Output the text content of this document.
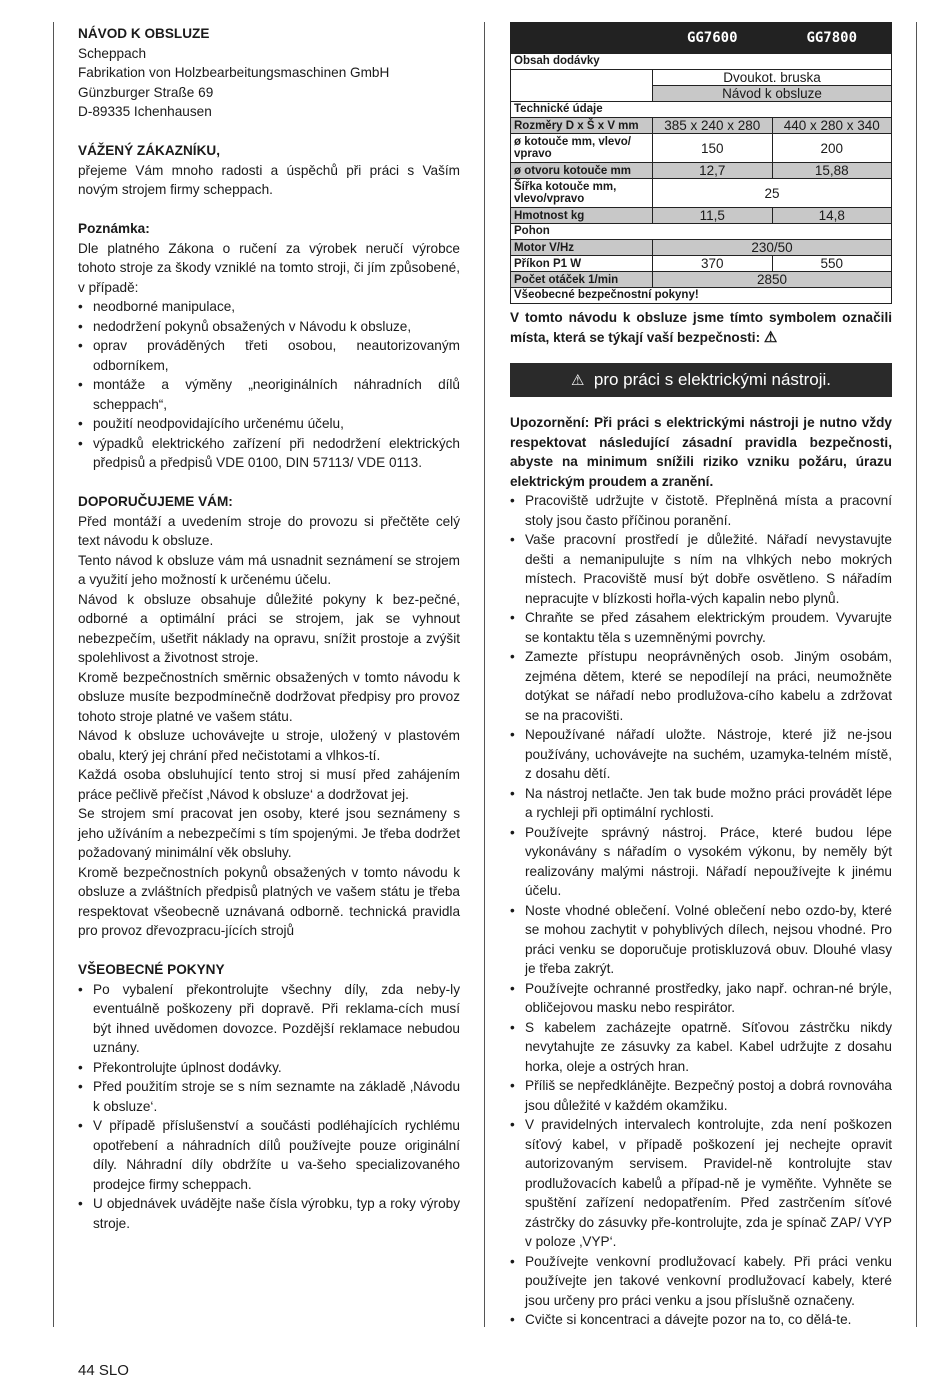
NÁVOD K OBSLUZE
Scheppach
Fabrikation von Holzbearbeitungsmaschinen GmbH
Günzburger Straße 69
D-89335 Ichenhausen
VÁŽENÝ ZÁKAZNÍKU,

přejeme Vám mnoho radosti a úspěchů při práci s Vaším novým strojem firmy scheppach.

Poznámka:

Dle platného Zákona o ručení za výrobek neručí výrobce tohoto stroje za škody vzniklé na tomto stroji, či jím způsobené, v případě:

• neodborné manipulace,
• nedodržení pokynů obsažených v Návodu k obsluze,
• oprav prováděných třeti osobou, neautorizovaným odborníkem,
• montáže a výměny „neoriginálních náhradních dílů scheppach“,
• použití neodpovidajícího určenému účelu,
• výpadků elektrického zařízení při nedodržení elektrických předpisů a předpisů VDE 0100, DIN 57113/ VDE 0113.
DOPORUČUJEME VÁM:

Před montáží a uvedením stroje do provozu si přečtěte celý text návodu k obsluze.

Tento návod k obsluze vám má usnadnit seznámení se strojem a využití jeho možností k určenému účelu.

Návod k obsluze obsahuje důležité pokyny k bez-pečné, odborné a optimální práci se strojem, jak se vyhnout nebezpečím, ušetřit náklady na opravu, snížit prostoje a zvýšit spolehlivost a životnost stroje.

Kromě bezpečnostních směrnic obsažených v tomto návodu k obsluze musíte bezpodmínečně dodržovat předpisy pro provoz tohoto stroje platné ve vašem státu.

Návod k obsluze uchovávejte u stroje, uložený v plastovém obalu, který jej chrání před nečistotami a vlhkos-tí.

Každá osoba obsluhující tento stroj si musí před zahájením práce pečlivě přečíst ‚Návod k obsluze‘ a dodržovat jej.

Se strojem smí pracovat jen osoby, které jsou seznámeny s jeho užíváním a nebezpečími s tím spojenými. Je třeba dodržet požadovaný minimální věk obsluhy.

Kromě bezpečnostních pokynů obsažených v tomto návodu k obsluze a zvláštních předpisů platných ve vašem státu je třeba respektovat všeobecně uznávaná odborně. technická pravidla pro provoz dřevozpracu-jících strojů

VŠEOBECNÉ POKYNY
• Po vybalení překontrolujte všechny díly, zda neby-ly eventuálně poškozeny při dopravě. Při reklama-cích musí být ihned uvědomen dovozce. Pozdější reklamace nebudou uznány.
• Překontrolujte úplnost dodávky.
• Před použitím stroje se s ním seznamte na základě ‚Návodu k obsluze‘.
• V případě příslušenství a součásti podléhajících rychlému opotřebení a náhradních dílů používejte pouze originální díly. Náhradní díly obdržíte u va-šeho specializovaného prodejce firmy scheppach.
• U objednávek uvádějte naše čísla výrobku, typ a roky výroby stroje.
	GG7600	GG7800
Obsah dodávky		
	Dvoukot. bruska	
	Návod k obsluze	
Technické údaje		
Rozměry D x Š x V mm	385 x 240 x 280	440 x 280 x 340
ø kotouče mm, vlevo/ vpravo	150	200
ø otvoru kotouče mm	12,7	15,88
Šířka kotouče mm, vlevo/vpravo	25	
Hmotnost kg	11,5	14,8
Pohon		
Motor V/Hz	230/50	
Příkon P1 W	370	550
Počet otáček 1/min	2850	
Všeobecné bezpečnostní pokyny!		
V tomto návodu k obsluze jsme tímto symbolem označili místa, která se týkají vaší bezpečnosti: ⚠
⚠ pro práci s elektrickými nástroji.
Upozornění: Při práci s elektrickými nástroji je nutno vždy respektovat následující zásadní pravidla bezpečnosti, abyste na minimum snížili riziko vzniku požáru, úrazu elektrickým proudem a zranění.
• Pracoviště udržujte v čistotě. Přeplněná místa a pracovní stoly jsou často příčinou poranění.
• Vaše pracovní prostředí je důležité. Nářadí nevystavujte dešti a nemanipulujte s ním na vlhkých nebo mokrých místech. Pracoviště musí být dobře osvětleno. S nářadím nepracujte v blízkosti hořla-vých kapalin nebo plynů.
• Chraňte se před zásahem elektrickým proudem. Vyvarujte se kontaktu těla s uzemněnými povrchy.
• Zamezte přístupu neoprávněných osob. Jiným osobám, zejména dětem, které se nepodílejí na práci, neumožněte dotýkat se nářadí nebo prodlužova-cího kabelu a zdržovat se na pracovišti.
• Nepoužívané nářadí uložte. Nástroje, které již ne-jsou používány, uchovávejte na suchém, uzamyka-telném místě, z dosahu dětí.
• Na nástroj netlačte. Jen tak bude možno práci provádět lépe a rychleji při optimální rychlosti.
• Používejte správný nástroj. Práce, které budou lépe vykonávány s nářadím o vysokém výkonu, by neměly být realizovány malými nástroji. Nářadí nepoužívejte k jinému účelu.
• Noste vhodné oblečení. Volné oblečení nebo ozdo-by, které se mohou zachytit v pohyblivých dílech, nejsou vhodné. Pro práci venku se doporučuje protiskluzová obuv. Dlouhé vlasy je třeba zakrýt.
• Používejte ochranné prostředky, jako např. ochran-né brýle, obličejovou masku nebo respirátor.
• S kabelem zacházejte opatrně. Síťovou zástrčku nikdy nevytahujte ze zásuvky za kabel. Kabel udržujte z dosahu horka, oleje a ostrých hran.
• Příliš se nepředklánějte. Bezpečný postoj a dobrá rovnováha jsou důležité v každém okamžiku.
• V pravidelných intervalech kontrolujte, zda není poškozen síťový kabel, v případě poškození jej nechejte opravit autorizovaným servisem. Pravidel-ně kontrolujte stav prodlužovacích kabelů a případ-ně je vyměňte. Vyhněte se spuštění zařízení nedopatřením. Před zastrčením síťové zástrčky do zásuvky pře-kontrolujte, zda je spínač ZAP/ VYP v poloze ‚VYP‘.
• Používejte venkovní prodlužovací kabely. Při práci venku používejte jen takové venkovní prodlužovací kabely, které jsou určeny pro práci venku a jsou příslušně označeny.
• Cvičte si koncentraci a dávejte pozor na to, co dělá-te.
44 SLO
